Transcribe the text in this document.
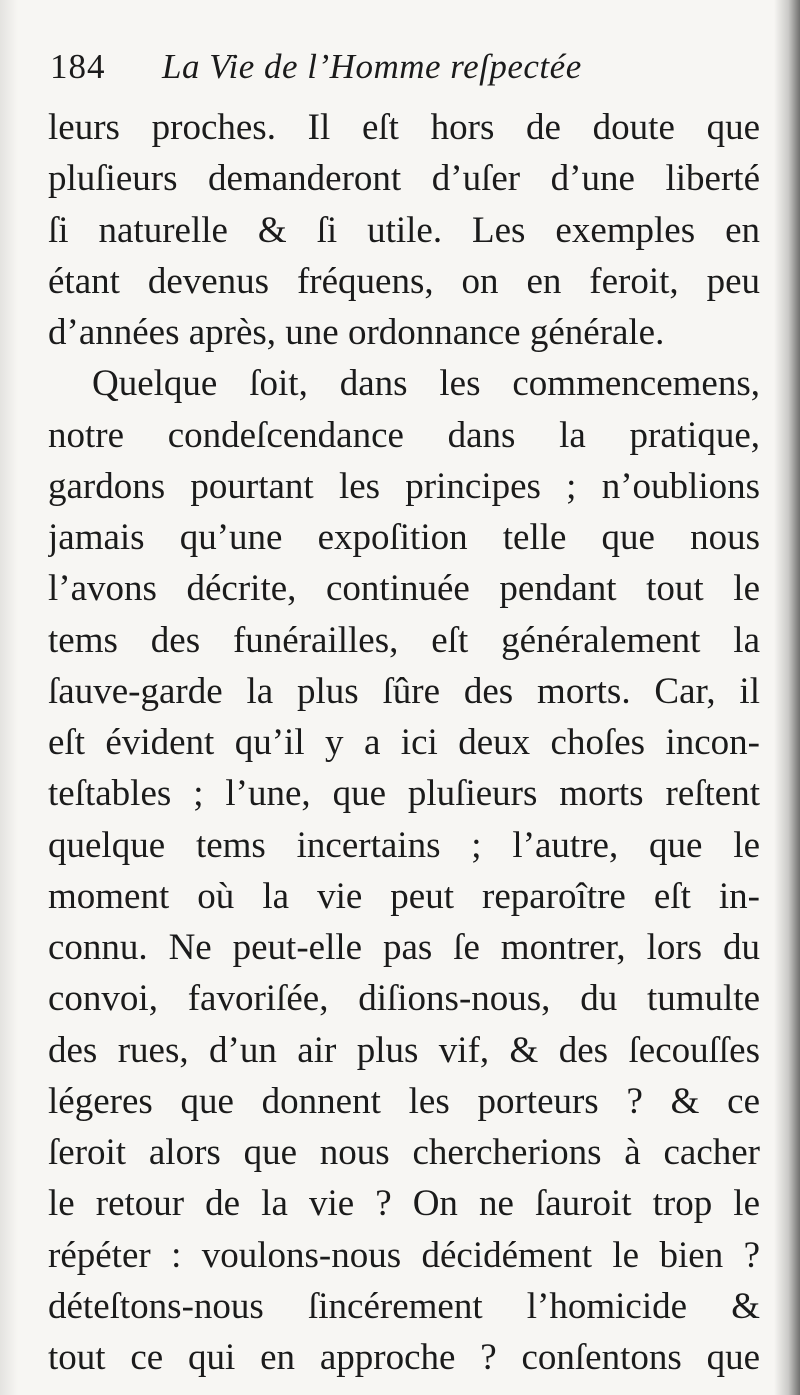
184 La Vie de l’Homme reſpectée
leurs proches. Il eſt hors de doute que
pluſieurs demanderont d’uſer d’une liberté
ſi naturelle & ſi utile. Les exemples en
étant devenus fréquens, on en feroit, peu
d’années après, une ordonnance générale.
Quelque ſoit, dans les commencemens,
notre condeſcendance dans la pratique,
gardons pourtant les principes ; n’oublions
jamais qu’une expoſition telle que nous
l’avons décrite, continuée pendant tout le
tems des funérailles, eſt généralement la
ſauve-garde la plus ſûre des morts. Car, il
eſt évident qu’il y a ici deux choſes incon-
teſtables ; l’une, que pluſieurs morts reſtent
quelque tems incertains ; l’autre, que le
moment où la vie peut reparoître eſt in-
connu. Ne peut-elle pas ſe montrer, lors du
convoi, favoriſée, diſions-nous, du tumulte
des rues, d’un air plus vif, & des ſecouſſes
légeres que donnent les porteurs ? & ce
ſeroit alors que nous chercherions à cacher
le retour de la vie ? On ne ſauroit trop le
répéter : voulons-nous décidément le bien ?
déteſtons-nous ſincérement l’homicide &
tout ce qui en approche ? conſentons que
